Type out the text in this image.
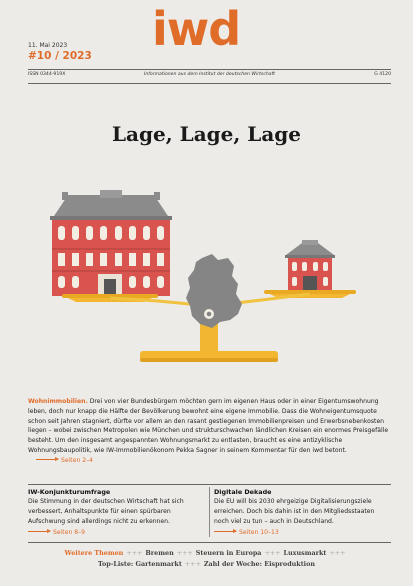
iwd
11. Mai 2023
#10 / 2023
Informationen aus dem Institut der deutschen Wirtschaft
ISSN 0344-919X	G 4120
Lage, Lage, Lage
Wohnimmobilien. Drei von vier Bundesbürgern möchten gern im eigenen Haus oder in einer Eigentumswohnung leben, doch nur knapp die Hälfte der Bevölkerung bewohnt eine eigene Immobilie. Dass die Wohneigentumsquote schon seit Jahren stagniert, dürfte vor allem an den rasant gestiegenen Immobilienpreisen und Erwerbsnebenkosten liegen – wobei zwischen Metropolen wie München und strukturschwachen ländlichen Kreisen ein enormes Preisgefälle besteht. Um den insgesamt angespannten Wohnungsmarkt zu entlasten, braucht es eine antizyklische Wohnungsbaupolitik, wie IW-Immobilienökonom Pekka Sagner in seinem Kommentar für den iwd betont. Seiten 2–4
IW-Konjunkturumfrage

Die Stimmung in der deutschen Wirtschaft hat sich verbessert, Anhaltspunkte für einen spürbaren Aufschwung sind allerdings nicht zu erkennen.

Seiten 8–9
Digitale Dekade

Die EU will bis 2030 ehrgeizige Digitalisierungsziele erreichen. Doch bis dahin ist in den Mitgliedsstaaten noch viel zu tun – auch in Deutschland.

Seiten 10–13
Weitere Themen +++ Bremen +++ Steuern in Europa +++ Luxusmarkt +++
Top-Liste: Gartenmarkt +++ Zahl der Woche: Eisproduktion
